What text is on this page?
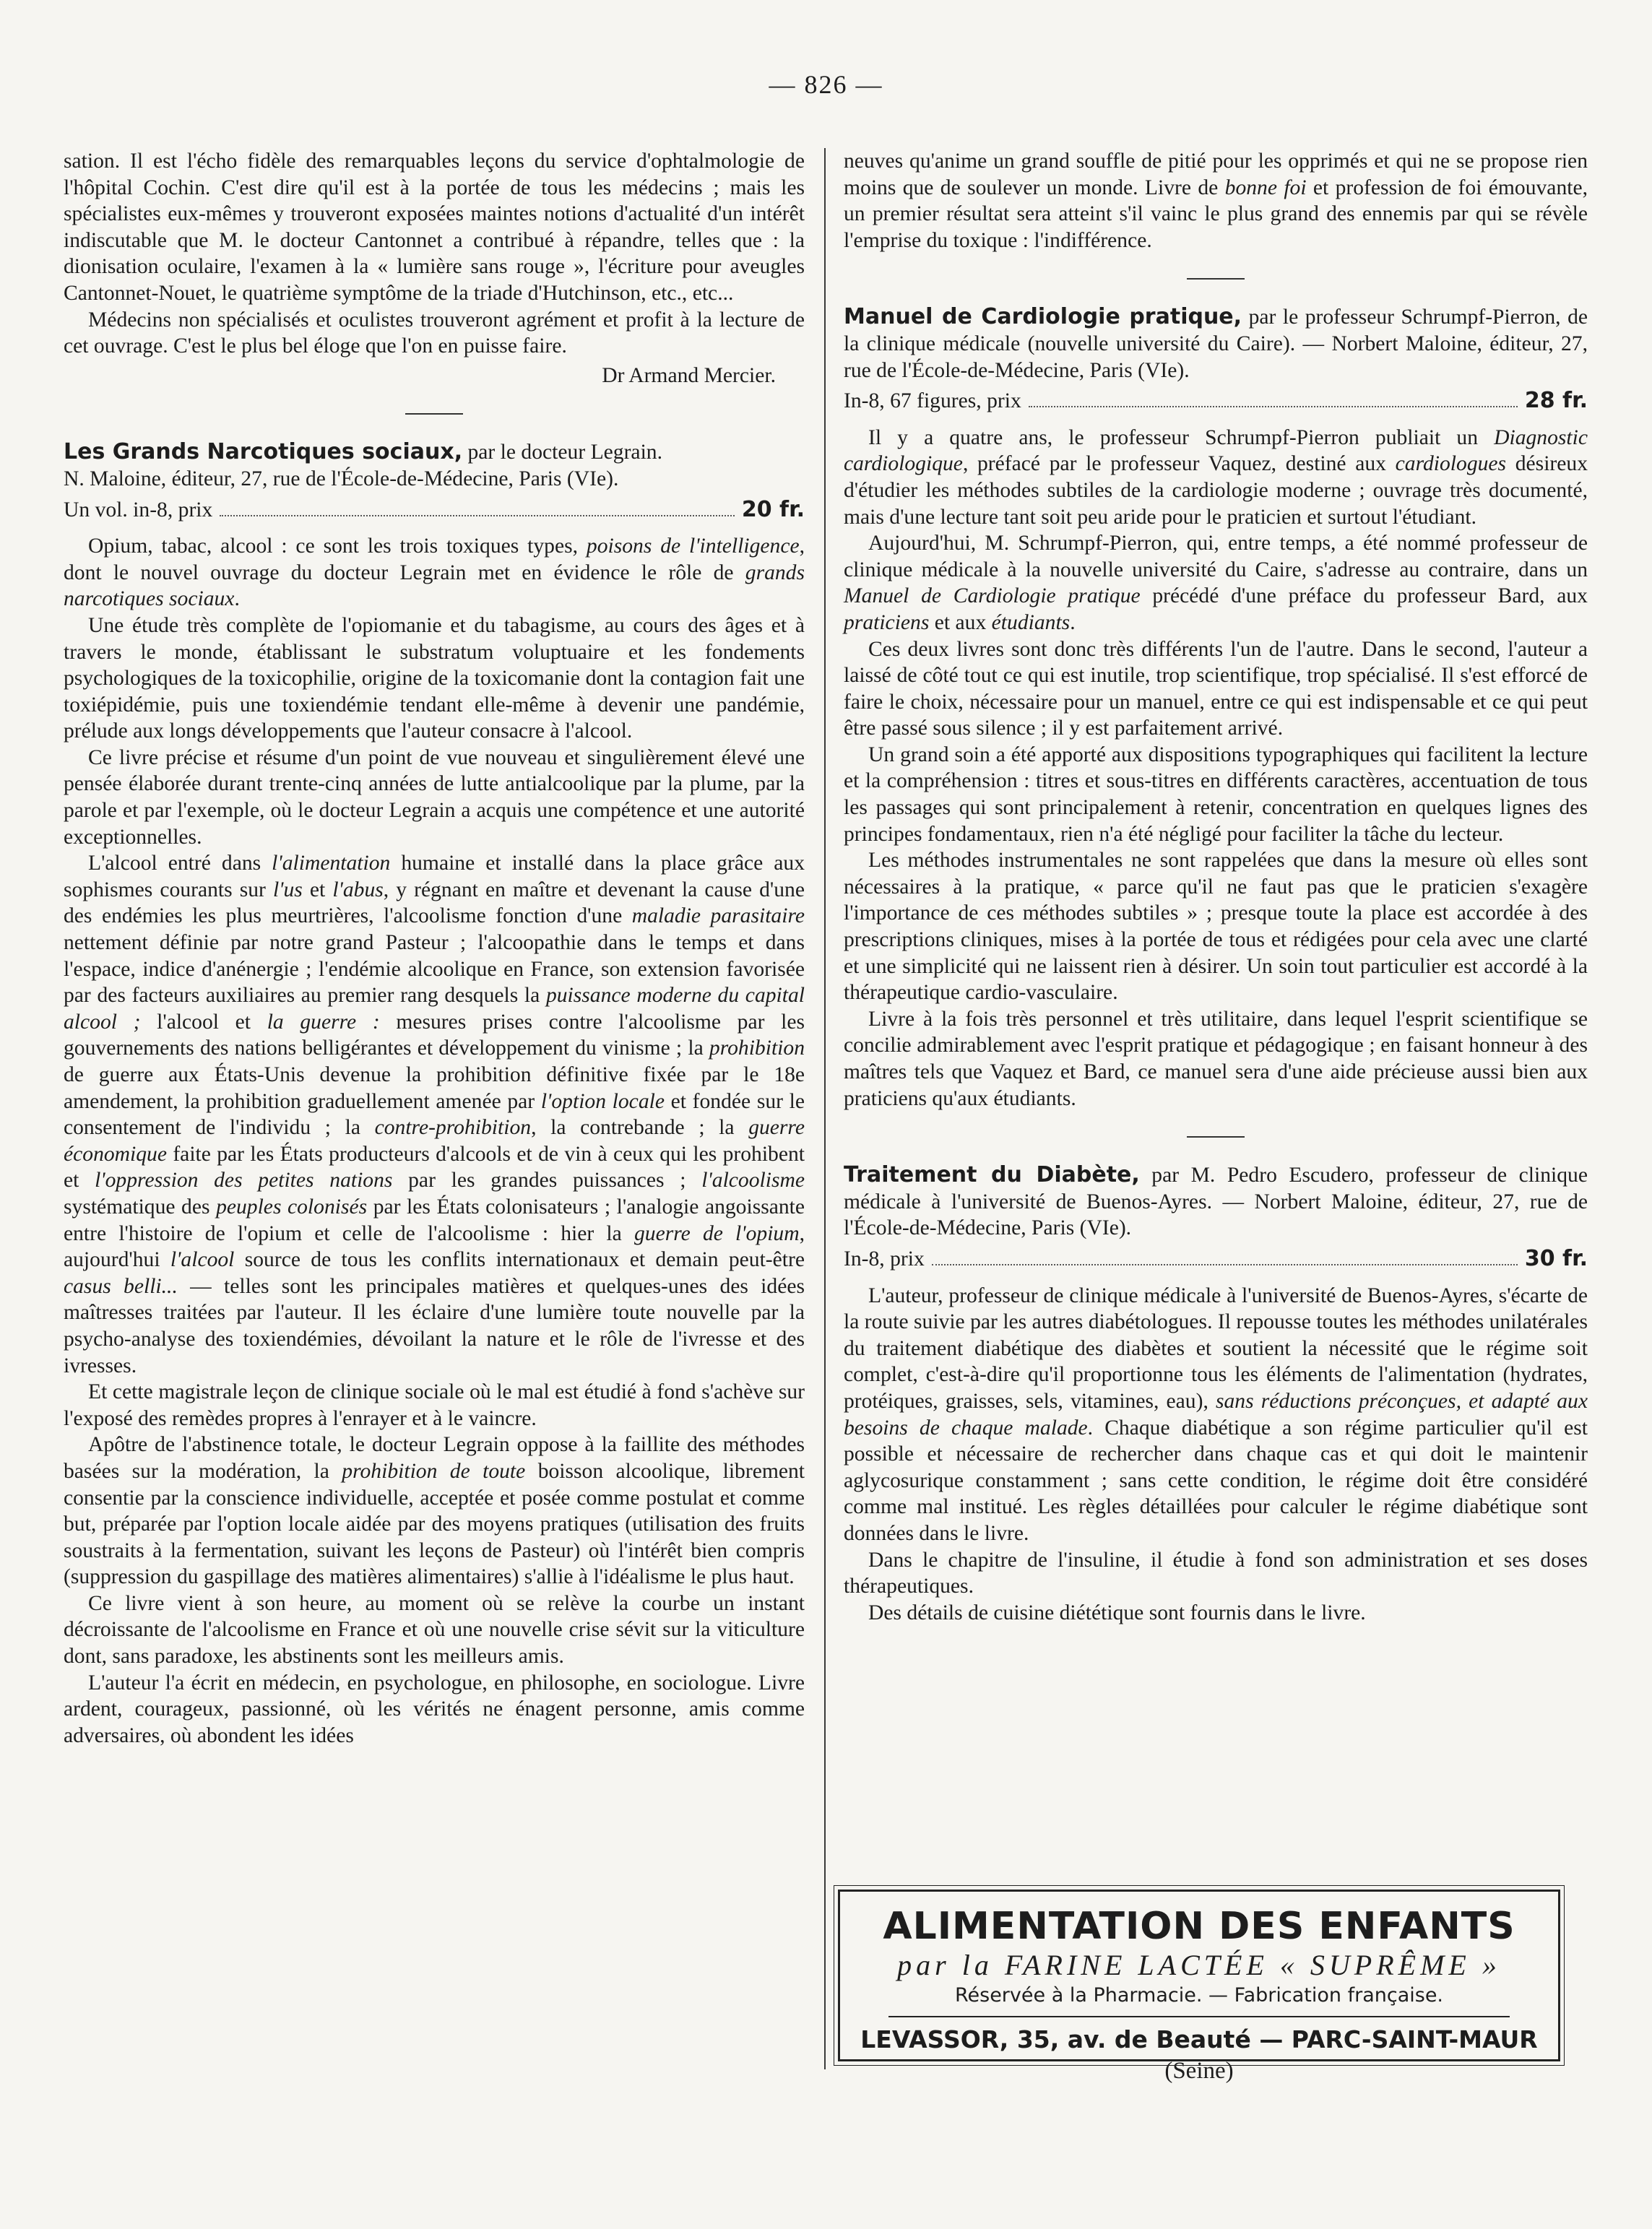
— 826 —

sation. Il est l'écho fidèle des remarquables leçons du service d'ophtalmologie de l'hôpital Cochin. C'est dire qu'il est à la portée de tous les médecins ; mais les spécialistes eux-mêmes y trouveront exposées maintes notions d'actualité d'un intérêt indiscutable que M. le docteur Cantonnet a contribué à répandre, telles que : la dionisation oculaire, l'examen à la « lumière sans rouge », l'écriture pour aveugles Cantonnet-Nouet, le quatrième symptôme de la triade d'Hutchinson, etc., etc...

Médecins non spécialisés et oculistes trouveront agrément et profit à la lecture de cet ouvrage. C'est le plus bel éloge que l'on en puisse faire.

Dr Armand Mercier.

Les Grands Narcotiques sociaux, par le docteur Legrain.

N. Maloine, éditeur, 27, rue de l'École-de-Médecine, Paris (VIe).

Un vol. in-8, prix	20 fr.

Opium, tabac, alcool : ce sont les trois toxiques types, poisons de l'intelligence, dont le nouvel ouvrage du docteur Legrain met en évidence le rôle de grands narcotiques sociaux.

Une étude très complète de l'opiomanie et du tabagisme, au cours des âges et à travers le monde, établissant le substratum voluptuaire et les fondements psychologiques de la toxicophilie, origine de la toxicomanie dont la contagion fait une toxiépidémie, puis une toxiendémie tendant elle-même à devenir une pandémie, prélude aux longs développements que l'auteur consacre à l'alcool.

Ce livre précise et résume d'un point de vue nouveau et singulièrement élevé une pensée élaborée durant trente-cinq années de lutte antialcoolique par la plume, par la parole et par l'exemple, où le docteur Legrain a acquis une compétence et une autorité exceptionnelles.

L'alcool entré dans l'alimentation humaine et installé dans la place grâce aux sophismes courants sur l'us et l'abus, y régnant en maître et devenant la cause d'une des endémies les plus meurtrières, l'alcoolisme fonction d'une maladie parasitaire nettement définie par notre grand Pasteur ; l'alcoopathie dans le temps et dans l'espace, indice d'anénergie ; l'endémie alcoolique en France, son extension favorisée par des facteurs auxiliaires au premier rang desquels la puissance moderne du capital alcool ; l'alcool et la guerre : mesures prises contre l'alcoolisme par les gouvernements des nations belligérantes et développement du vinisme ; la prohibition de guerre aux États-Unis devenue la prohibition définitive fixée par le 18e amendement, la prohibition graduellement amenée par l'option locale et fondée sur le consentement de l'individu ; la contre-prohibition, la contrebande ; la guerre économique faite par les États producteurs d'alcools et de vin à ceux qui les prohibent et l'oppression des petites nations par les grandes puissances ; l'alcoolisme systématique des peuples colonisés par les États colonisateurs ; l'analogie angoissante entre l'histoire de l'opium et celle de l'alcoolisme : hier la guerre de l'opium, aujourd'hui l'alcool source de tous les conflits internationaux et demain peut-être casus belli... — telles sont les principales matières et quelques-unes des idées maîtresses traitées par l'auteur. Il les éclaire d'une lumière toute nouvelle par la psycho-analyse des toxiendémies, dévoilant la nature et le rôle de l'ivresse et des ivresses.

Et cette magistrale leçon de clinique sociale où le mal est étudié à fond s'achève sur l'exposé des remèdes propres à l'enrayer et à le vaincre.

Apôtre de l'abstinence totale, le docteur Legrain oppose à la faillite des méthodes basées sur la modération, la prohibition de toute boisson alcoolique, librement consentie par la conscience individuelle, acceptée et posée comme postulat et comme but, préparée par l'option locale aidée par des moyens pratiques (utilisation des fruits soustraits à la fermentation, suivant les leçons de Pasteur) où l'intérêt bien compris (suppression du gaspillage des matières alimentaires) s'allie à l'idéalisme le plus haut.

Ce livre vient à son heure, au moment où se relève la courbe un instant décroissante de l'alcoolisme en France et où une nouvelle crise sévit sur la viticulture dont, sans paradoxe, les abstinents sont les meilleurs amis.

L'auteur l'a écrit en médecin, en psychologue, en philosophe, en sociologue. Livre ardent, courageux, passionné, où les vérités ne énagent personne, amis comme adversaires, où abondent les idées

neuves qu'anime un grand souffle de pitié pour les opprimés et qui ne se propose rien moins que de soulever un monde. Livre de bonne foi et profession de foi émouvante, un premier résultat sera atteint s'il vainc le plus grand des ennemis par qui se révèle l'emprise du toxique : l'indifférence.

Manuel de Cardiologie pratique, par le professeur Schrumpf-Pierron, de la clinique médicale (nouvelle université du Caire). — Norbert Maloine, éditeur, 27, rue de l'École-de-Médecine, Paris (VIe).

In-8, 67 figures, prix	28 fr.

Il y a quatre ans, le professeur Schrumpf-Pierron publiait un Diagnostic cardiologique, préfacé par le professeur Vaquez, destiné aux cardiologues désireux d'étudier les méthodes subtiles de la cardiologie moderne ; ouvrage très documenté, mais d'une lecture tant soit peu aride pour le praticien et surtout l'étudiant.

Aujourd'hui, M. Schrumpf-Pierron, qui, entre temps, a été nommé professeur de clinique médicale à la nouvelle université du Caire, s'adresse au contraire, dans un Manuel de Cardiologie pratique précédé d'une préface du professeur Bard, aux praticiens et aux étudiants.

Ces deux livres sont donc très différents l'un de l'autre. Dans le second, l'auteur a laissé de côté tout ce qui est inutile, trop scientifique, trop spécialisé. Il s'est efforcé de faire le choix, nécessaire pour un manuel, entre ce qui est indispensable et ce qui peut être passé sous silence ; il y est parfaitement arrivé.

Un grand soin a été apporté aux dispositions typographiques qui facilitent la lecture et la compréhension : titres et sous-titres en différents caractères, accentuation de tous les passages qui sont principalement à retenir, concentration en quelques lignes des principes fondamentaux, rien n'a été négligé pour faciliter la tâche du lecteur.

Les méthodes instrumentales ne sont rappelées que dans la mesure où elles sont nécessaires à la pratique, « parce qu'il ne faut pas que le praticien s'exagère l'importance de ces méthodes subtiles » ; presque toute la place est accordée à des prescriptions cliniques, mises à la portée de tous et rédigées pour cela avec une clarté et une simplicité qui ne laissent rien à désirer. Un soin tout particulier est accordé à la thérapeutique cardio-vasculaire.

Livre à la fois très personnel et très utilitaire, dans lequel l'esprit scientifique se concilie admirablement avec l'esprit pratique et pédagogique ; en faisant honneur à des maîtres tels que Vaquez et Bard, ce manuel sera d'une aide précieuse aussi bien aux praticiens qu'aux étudiants.

Traitement du Diabète, par M. Pedro Escudero, professeur de clinique médicale à l'université de Buenos-Ayres. — Norbert Maloine, éditeur, 27, rue de l'École-de-Médecine, Paris (VIe).

In-8, prix	30 fr.

L'auteur, professeur de clinique médicale à l'université de Buenos-Ayres, s'écarte de la route suivie par les autres diabétologues. Il repousse toutes les méthodes unilatérales du traitement diabétique des diabètes et soutient la nécessité que le régime soit complet, c'est-à-dire qu'il proportionne tous les éléments de l'alimentation (hydrates, protéiques, graisses, sels, vitamines, eau), sans réductions préconçues, et adapté aux besoins de chaque malade. Chaque diabétique a son régime particulier qu'il est possible et nécessaire de rechercher dans chaque cas et qui doit le maintenir aglycosurique constamment ; sans cette condition, le régime doit être considéré comme mal institué. Les règles détaillées pour calculer le régime diabétique sont données dans le livre.

Dans le chapitre de l'insuline, il étudie à fond son administration et ses doses thérapeutiques.

Des détails de cuisine diététique sont fournis dans le livre.

ALIMENTATION DES ENFANTS
par la FARINE LACTÉE « SUPRÊME »
Réservée à la Pharmacie. — Fabrication française.
LEVASSOR, 35, av. de Beauté — PARC-SAINT-MAUR (Seine)
